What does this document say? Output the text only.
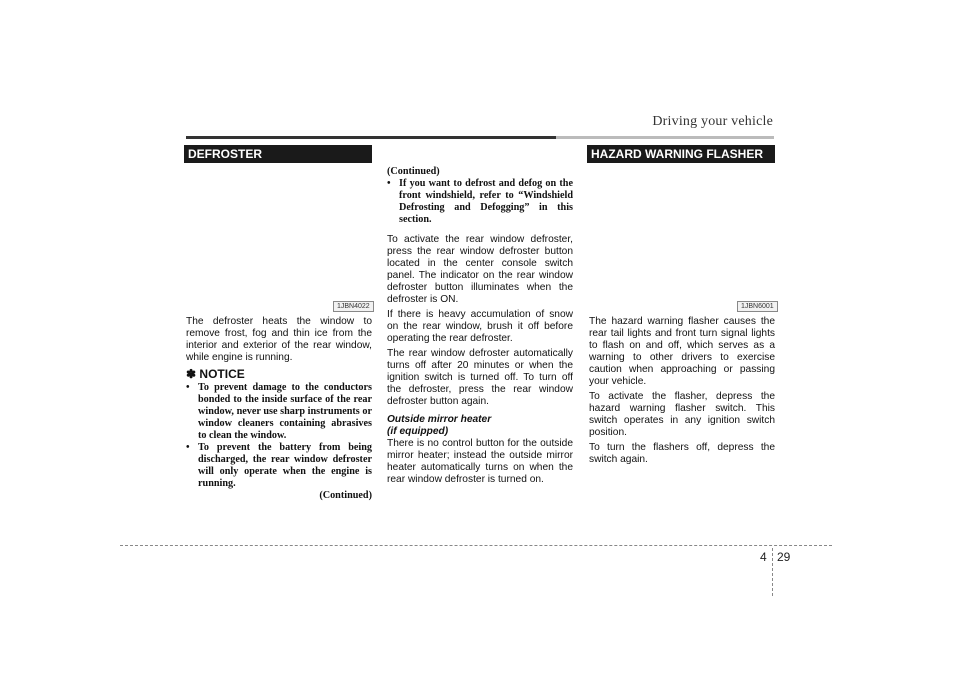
Driving your vehicle
DEFROSTER	HAZARD WARNING FLASHER
1JBN4022

The defroster heats the window to remove frost, fog and thin ice from the interior and exterior of the rear window, while engine is running.

✽ NOTICE
• To prevent damage to the conductors bonded to the inside surface of the rear window, never use sharp instruments or window cleaners containing abrasives to clean the window.
• To prevent the battery from being discharged, the rear window defroster will only operate when the engine is running.
(Continued)
(Continued)
• If you want to defrost and defog on the front windshield, refer to “Windshield Defrosting and Defogging” in this section.

To activate the rear window defroster, press the rear window defroster button located in the center console switch panel. The indicator on the rear window defroster button illuminates when the defroster is ON.

If there is heavy accumulation of snow on the rear window, brush it off before operating the rear defroster.

The rear window defroster automatically turns off after 20 minutes or when the ignition switch is turned off. To turn off the defroster, press the rear window defroster button again.

Outside mirror heater
(if equipped)

There is no control button for the outside mirror heater; instead the outside mirror heater automatically turns on when the rear window defroster is turned on.

1JBN6001

The hazard warning flasher causes the rear tail lights and front turn signal lights to flash on and off, which serves as a warning to other drivers to exercise caution when approaching or passing your vehicle.

To activate the flasher, depress the hazard warning flasher switch. This switch operates in any ignition switch position.

To turn the flashers off, depress the switch again.

4 29
